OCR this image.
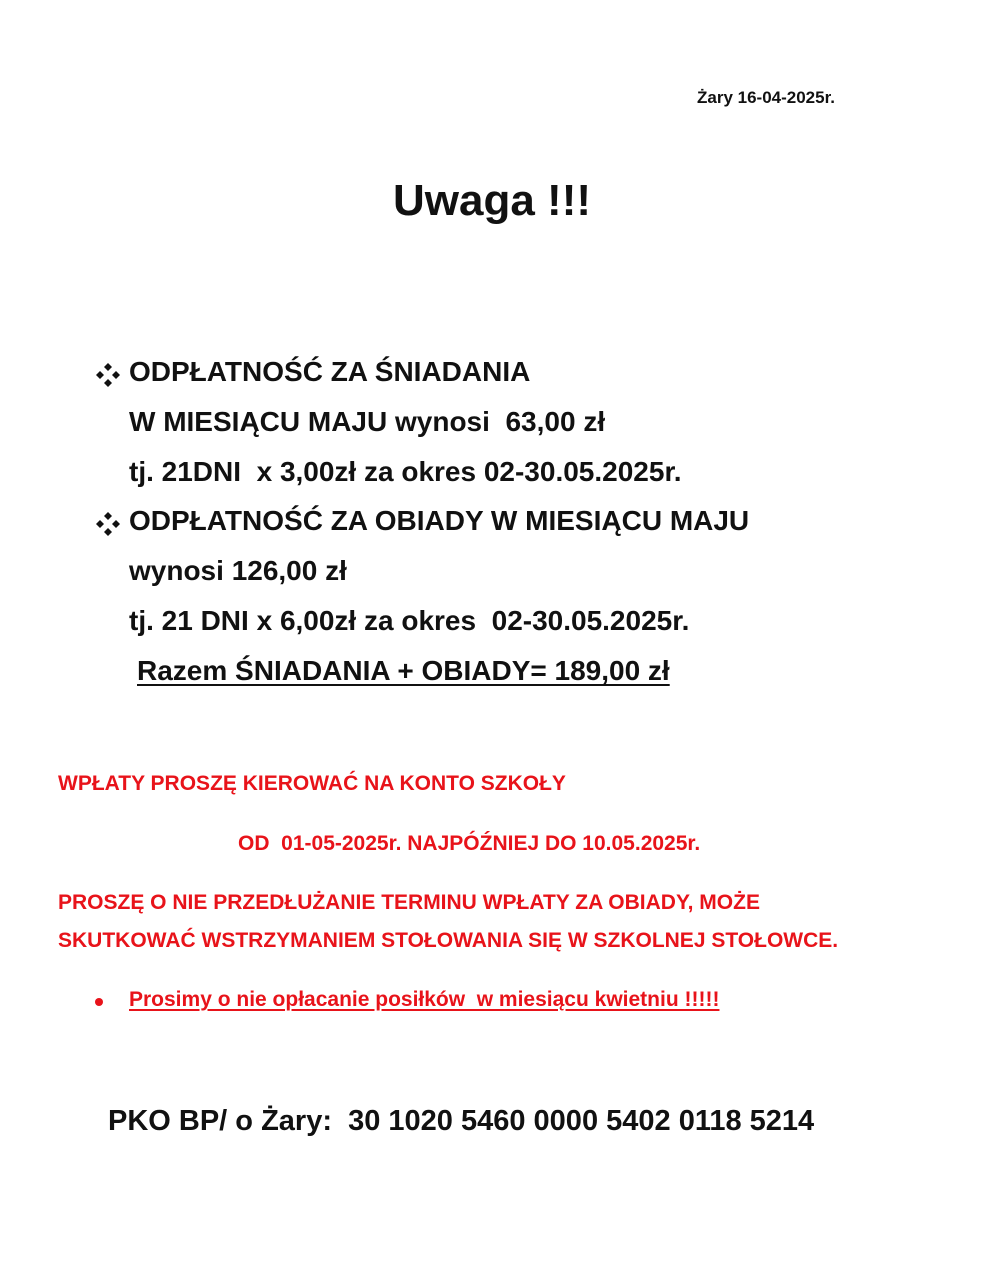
Żary 16-04-2025r.
Uwaga !!!
ODPŁATNOŚĆ ZA ŚNIADANIA
W MIESIĄCU MAJU wynosi  63,00 zł
tj. 21DNI  x 3,00zł za okres 02-30.05.2025r.
ODPŁATNOŚĆ ZA OBIADY W MIESIĄCU MAJU
wynosi 126,00 zł
tj. 21 DNI x 6,00zł za okres  02-30.05.2025r.
Razem ŚNIADANIA + OBIADY= 189,00 zł
WPŁATY PROSZĘ KIEROWAĆ NA KONTO SZKOŁY
OD  01-05-2025r. NAJPÓŹNIEJ DO 10.05.2025r.
PROSZĘ O NIE PRZEDŁUŻANIE TERMINU WPŁATY ZA OBIADY, MOŻE
SKUTKOWAĆ WSTRZYMANIEM STOŁOWANIA SIĘ W SZKOLNEJ STOŁOWCE.
Prosimy o nie opłacanie posiłków  w miesiącu kwietniu !!!!!
PKO BP/ o Żary:  30 1020 5460 0000 5402 0118 5214
